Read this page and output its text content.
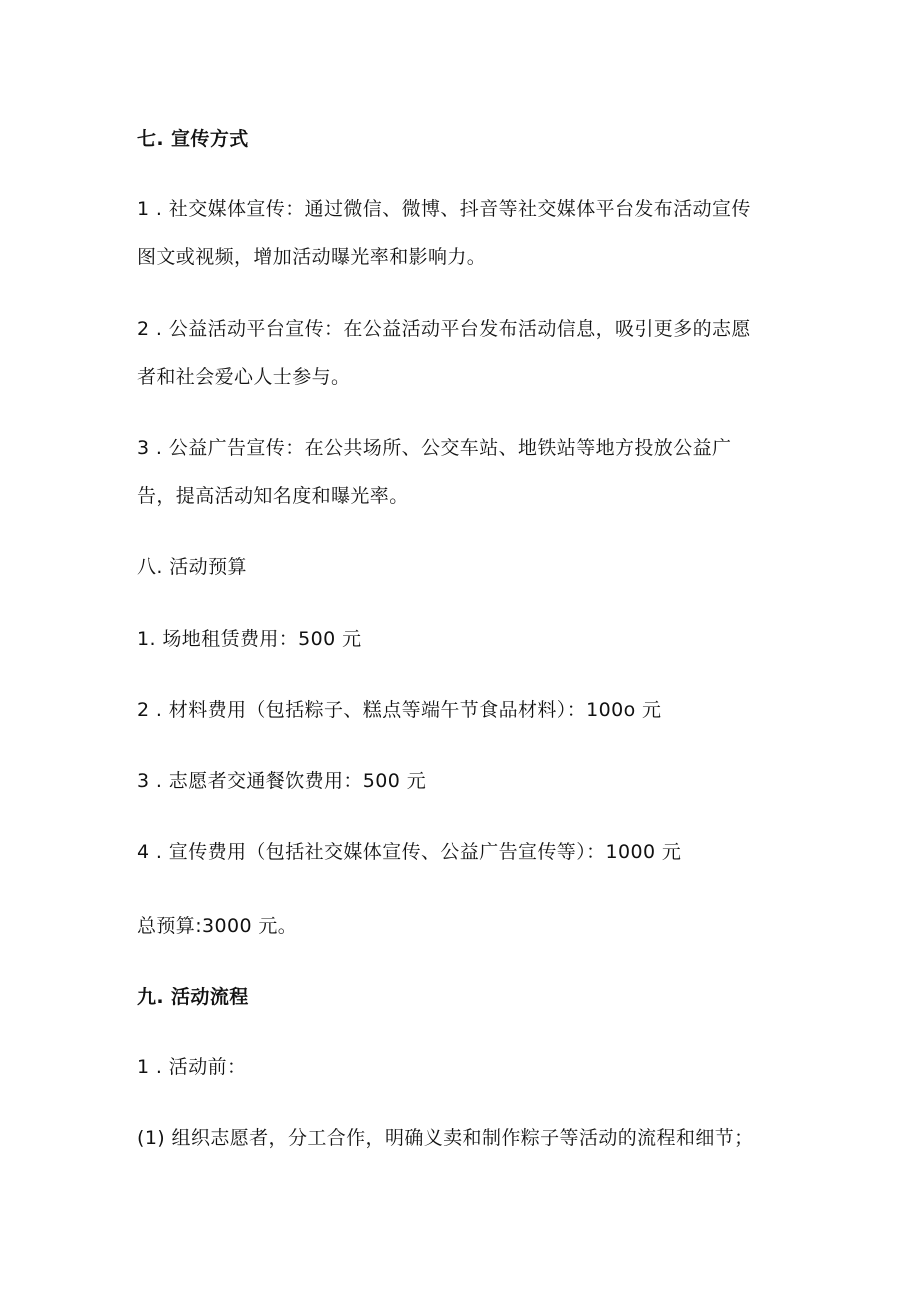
七. 宣传方式
1 . 社交媒体宣传：通过微信、微博、抖音等社交媒体平台发布活动宣传
图文或视频，增加活动曝光率和影响力。
2 . 公益活动平台宣传：在公益活动平台发布活动信息，吸引更多的志愿
者和社会爱心人士参与。
3 . 公益广告宣传：在公共场所、公交车站、地铁站等地方投放公益广
告，提高活动知名度和曝光率。
八. 活动预算
1. 场地租赁费用：500 元
2 . 材料费用（包括粽子、糕点等端午节食品材料）：100o 元
3 . 志愿者交通餐饮费用：500 元
4 . 宣传费用（包括社交媒体宣传、公益广告宣传等）：1000 元
总预算:3000 元。
九. 活动流程
1 . 活动前：
(1) 组织志愿者，分工合作，明确义卖和制作粽子等活动的流程和细节；
